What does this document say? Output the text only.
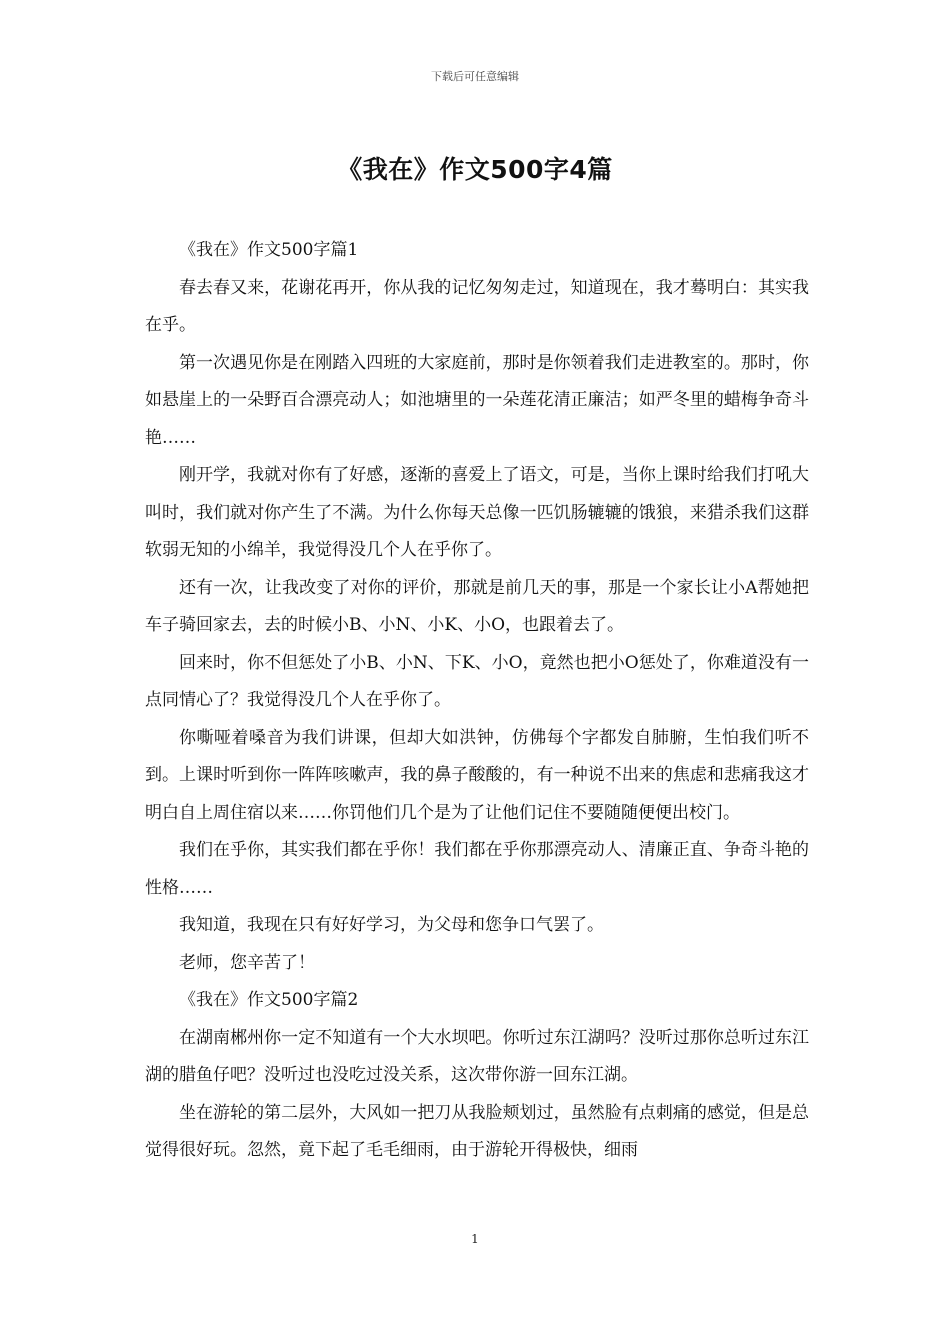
下载后可任意编辑
《我在》作文500字4篇

《我在》作文500字篇1

春去春又来，花谢花再开，你从我的记忆匆匆走过，知道现在，我才蓦明白：其实我在乎。

第一次遇见你是在刚踏入四班的大家庭前，那时是你领着我们走进教室的。那时，你如悬崖上的一朵野百合漂亮动人；如池塘里的一朵莲花清正廉洁；如严冬里的蜡梅争奇斗艳……

刚开学，我就对你有了好感，逐渐的喜爱上了语文，可是，当你上课时给我们打吼大叫时，我们就对你产生了不满。为什么你每天总像一匹饥肠辘辘的饿狼，来猎杀我们这群软弱无知的小绵羊，我觉得没几个人在乎你了。

还有一次，让我改变了对你的评价，那就是前几天的事，那是一个家长让小A帮她把车子骑回家去，去的时候小B、小N、小K、小O，也跟着去了。

回来时，你不但惩处了小B、小N、下K、小O，竟然也把小O惩处了，你难道没有一点同情心了？我觉得没几个人在乎你了。

你嘶哑着嗓音为我们讲课，但却大如洪钟，仿佛每个字都发自肺腑，生怕我们听不到。上课时听到你一阵阵咳嗽声，我的鼻子酸酸的，有一种说不出来的焦虑和悲痛我这才明白自上周住宿以来……你罚他们几个是为了让他们记住不要随随便便出校门。

我们在乎你，其实我们都在乎你！我们都在乎你那漂亮动人、清廉正直、争奇斗艳的性格……

我知道，我现在只有好好学习，为父母和您争口气罢了。

老师，您辛苦了！

《我在》作文500字篇2

在湖南郴州你一定不知道有一个大水坝吧。你听过东江湖吗？没听过那你总听过东江湖的腊鱼仔吧？没听过也没吃过没关系，这次带你游一回东江湖。

坐在游轮的第二层外，大风如一把刀从我脸颊划过，虽然脸有点刺痛的感觉，但是总觉得很好玩。忽然，竟下起了毛毛细雨，由于游轮开得极快，细雨

1
